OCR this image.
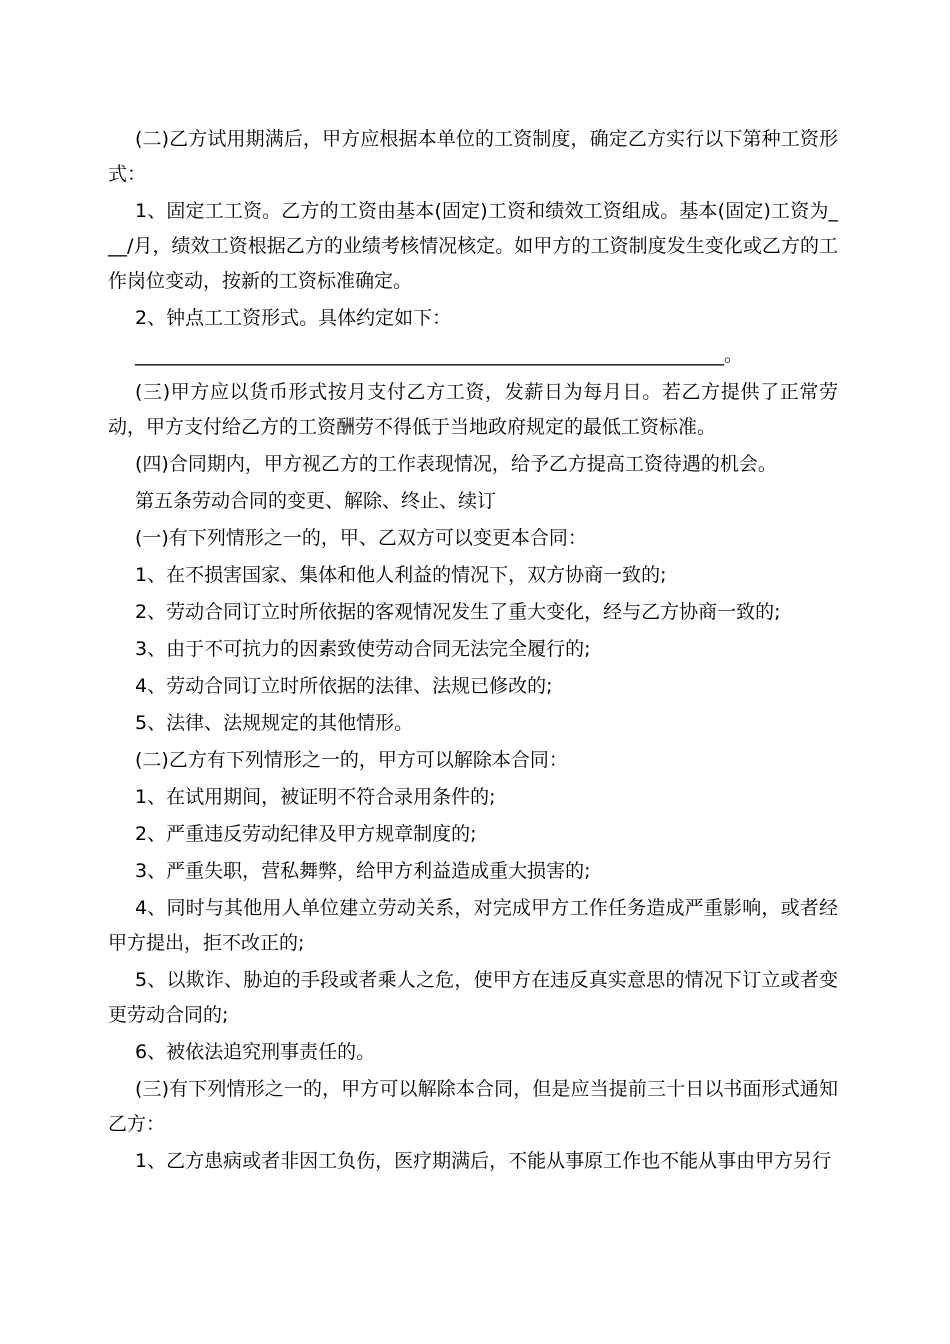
(二)乙方试用期满后，甲方应根据本单位的工资制度，确定乙方实行以下第种工资形式：

1、固定工工资。乙方的工资由基本(固定)工资和绩效工资组成。基本(固定)工资为___/月，绩效工资根据乙方的业绩考核情况核定。如甲方的工资制度发生变化或乙方的工作岗位变动，按新的工资标准确定。

2、钟点工工资形式。具体约定如下：

______________________________________________________________。

(三)甲方应以货币形式按月支付乙方工资，发薪日为每月日。若乙方提供了正常劳动，甲方支付给乙方的工资酬劳不得低于当地政府规定的最低工资标准。

(四)合同期内，甲方视乙方的工作表现情况，给予乙方提高工资待遇的机会。

第五条劳动合同的变更、解除、终止、续订

(一)有下列情形之一的，甲、乙双方可以变更本合同：

1、在不损害国家、集体和他人利益的情况下，双方协商一致的;

2、劳动合同订立时所依据的客观情况发生了重大变化，经与乙方协商一致的;

3、由于不可抗力的因素致使劳动合同无法完全履行的;

4、劳动合同订立时所依据的法律、法规已修改的;

5、法律、法规规定的其他情形。

(二)乙方有下列情形之一的，甲方可以解除本合同：

1、在试用期间，被证明不符合录用条件的;

2、严重违反劳动纪律及甲方规章制度的;

3、严重失职，营私舞弊，给甲方利益造成重大损害的;

4、同时与其他用人单位建立劳动关系，对完成甲方工作任务造成严重影响，或者经甲方提出，拒不改正的;

5、以欺诈、胁迫的手段或者乘人之危，使甲方在违反真实意思的情况下订立或者变更劳动合同的;

6、被依法追究刑事责任的。

(三)有下列情形之一的，甲方可以解除本合同，但是应当提前三十日以书面形式通知乙方：

1、乙方患病或者非因工负伤，医疗期满后，不能从事原工作也不能从事由甲方另行
